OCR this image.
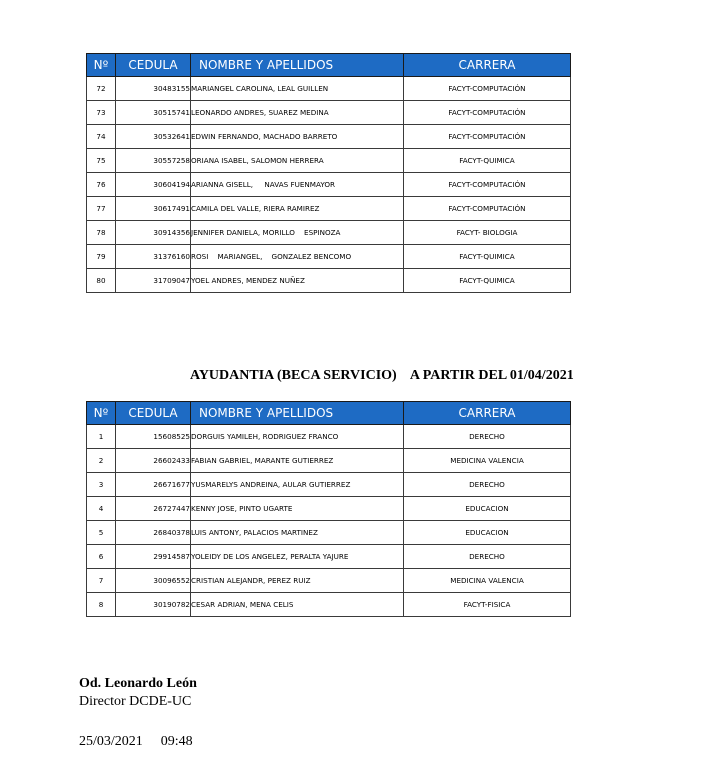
Nº	CEDULA	NOMBRE Y APELLIDOS	CARRERA
72	30483155	MARIANGEL CAROLINA, LEAL GUILLEN	FACYT-COMPUTACIÓN
73	30515741	LEONARDO ANDRES, SUAREZ MEDINA	FACYT-COMPUTACIÓN
74	30532641	EDWIN FERNANDO, MACHADO BARRETO	FACYT-COMPUTACIÓN
75	30557258	ORIANA ISABEL, SALOMON HERRERA	FACYT-QUIMICA
76	30604194	ARIANNA GISELL,     NAVAS FUENMAYOR	FACYT-COMPUTACIÓN
77	30617491	CAMILA DEL VALLE, RIERA RAMIREZ	FACYT-COMPUTACIÓN
78	30914356	JENNIFER DANIELA, MORILLO    ESPINOZA	FACYT- BIOLOGIA
79	31376160	ROSI    MARIANGEL,    GONZALEZ BENCOMO	FACYT-QUIMICA
80	31709047	YOEL ANDRES, MENDEZ NUÑEZ	FACYT-QUIMICA
AYUDANTIA (BECA SERVICIO)    A PARTIR DEL 01/04/2021
Nº	CEDULA	NOMBRE Y APELLIDOS	CARRERA
1	15608525	DORGUIS YAMILEH, RODRIGUEZ FRANCO	DERECHO
2	26602433	FABIAN GABRIEL, MARANTE GUTIERREZ	MEDICINA VALENCIA
3	26671677	YUSMARELYS ANDREINA, AULAR GUTIERREZ	DERECHO
4	26727447	KENNY JOSE, PINTO UGARTE	EDUCACION
5	26840378	LUIS ANTONY, PALACIOS MARTINEZ	EDUCACION
6	29914587	YOLEIDY DE LOS ANGELEZ, PERALTA YAJURE	DERECHO
7	30096552	CRISTIAN ALEJANDR, PEREZ RUIZ	MEDICINA VALENCIA
8	30190782	CESAR ADRIAN, MENA CELIS	FACYT-FISICA
Od. Leonardo León
Director DCDE-UC
25/03/2021 09:48
